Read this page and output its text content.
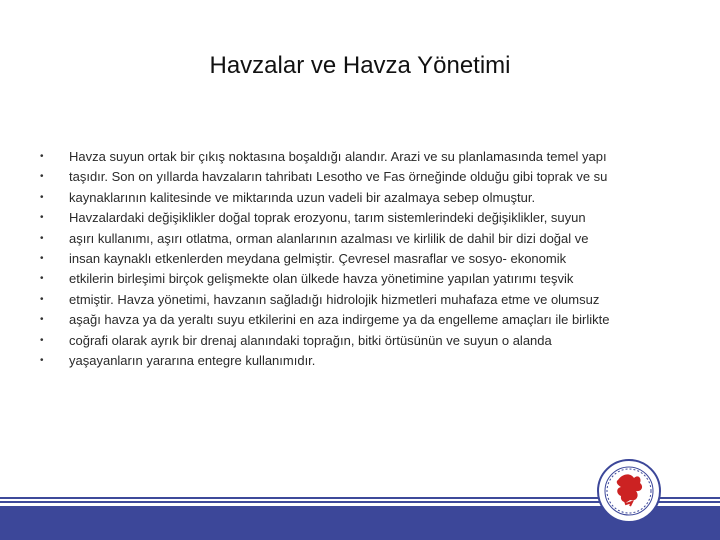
Havzalar ve Havza Yönetimi
•
•
•
•
•
•
•
•
•
•
•
Havza suyun ortak bir çıkış noktasına boşaldığı alandır. Arazi ve su planlamasında temel yapı
taşıdır. Son on yıllarda havzaların tahribatı Lesotho ve Fas örneğinde olduğu gibi toprak ve su
kaynaklarının kalitesinde ve miktarında uzun vadeli bir azalmaya sebep olmuştur.
Havzalardaki değişiklikler doğal toprak erozyonu, tarım sistemlerindeki değişiklikler, suyun
aşırı kullanımı, aşırı otlatma, orman alanlarının azalması ve kirlilik de dahil bir dizi doğal ve
insan kaynaklı etkenlerden meydana gelmiştir. Çevresel masraflar ve sosyo- ekonomik
etkilerin birleşimi birçok gelişmekte olan ülkede havza yönetimine yapılan yatırımı teşvik
etmiştir. Havza yönetimi, havzanın sağladığı hidrolojik hizmetleri muhafaza etme ve olumsuz
aşağı havza ya da yeraltı suyu etkilerini en aza indirgeme ya da engelleme amaçları ile birlikte
coğrafi olarak ayrık bir drenaj alanındaki toprağın, bitki örtüsünün ve suyun o alanda
yaşayanların yararına entegre kullanımıdır.
